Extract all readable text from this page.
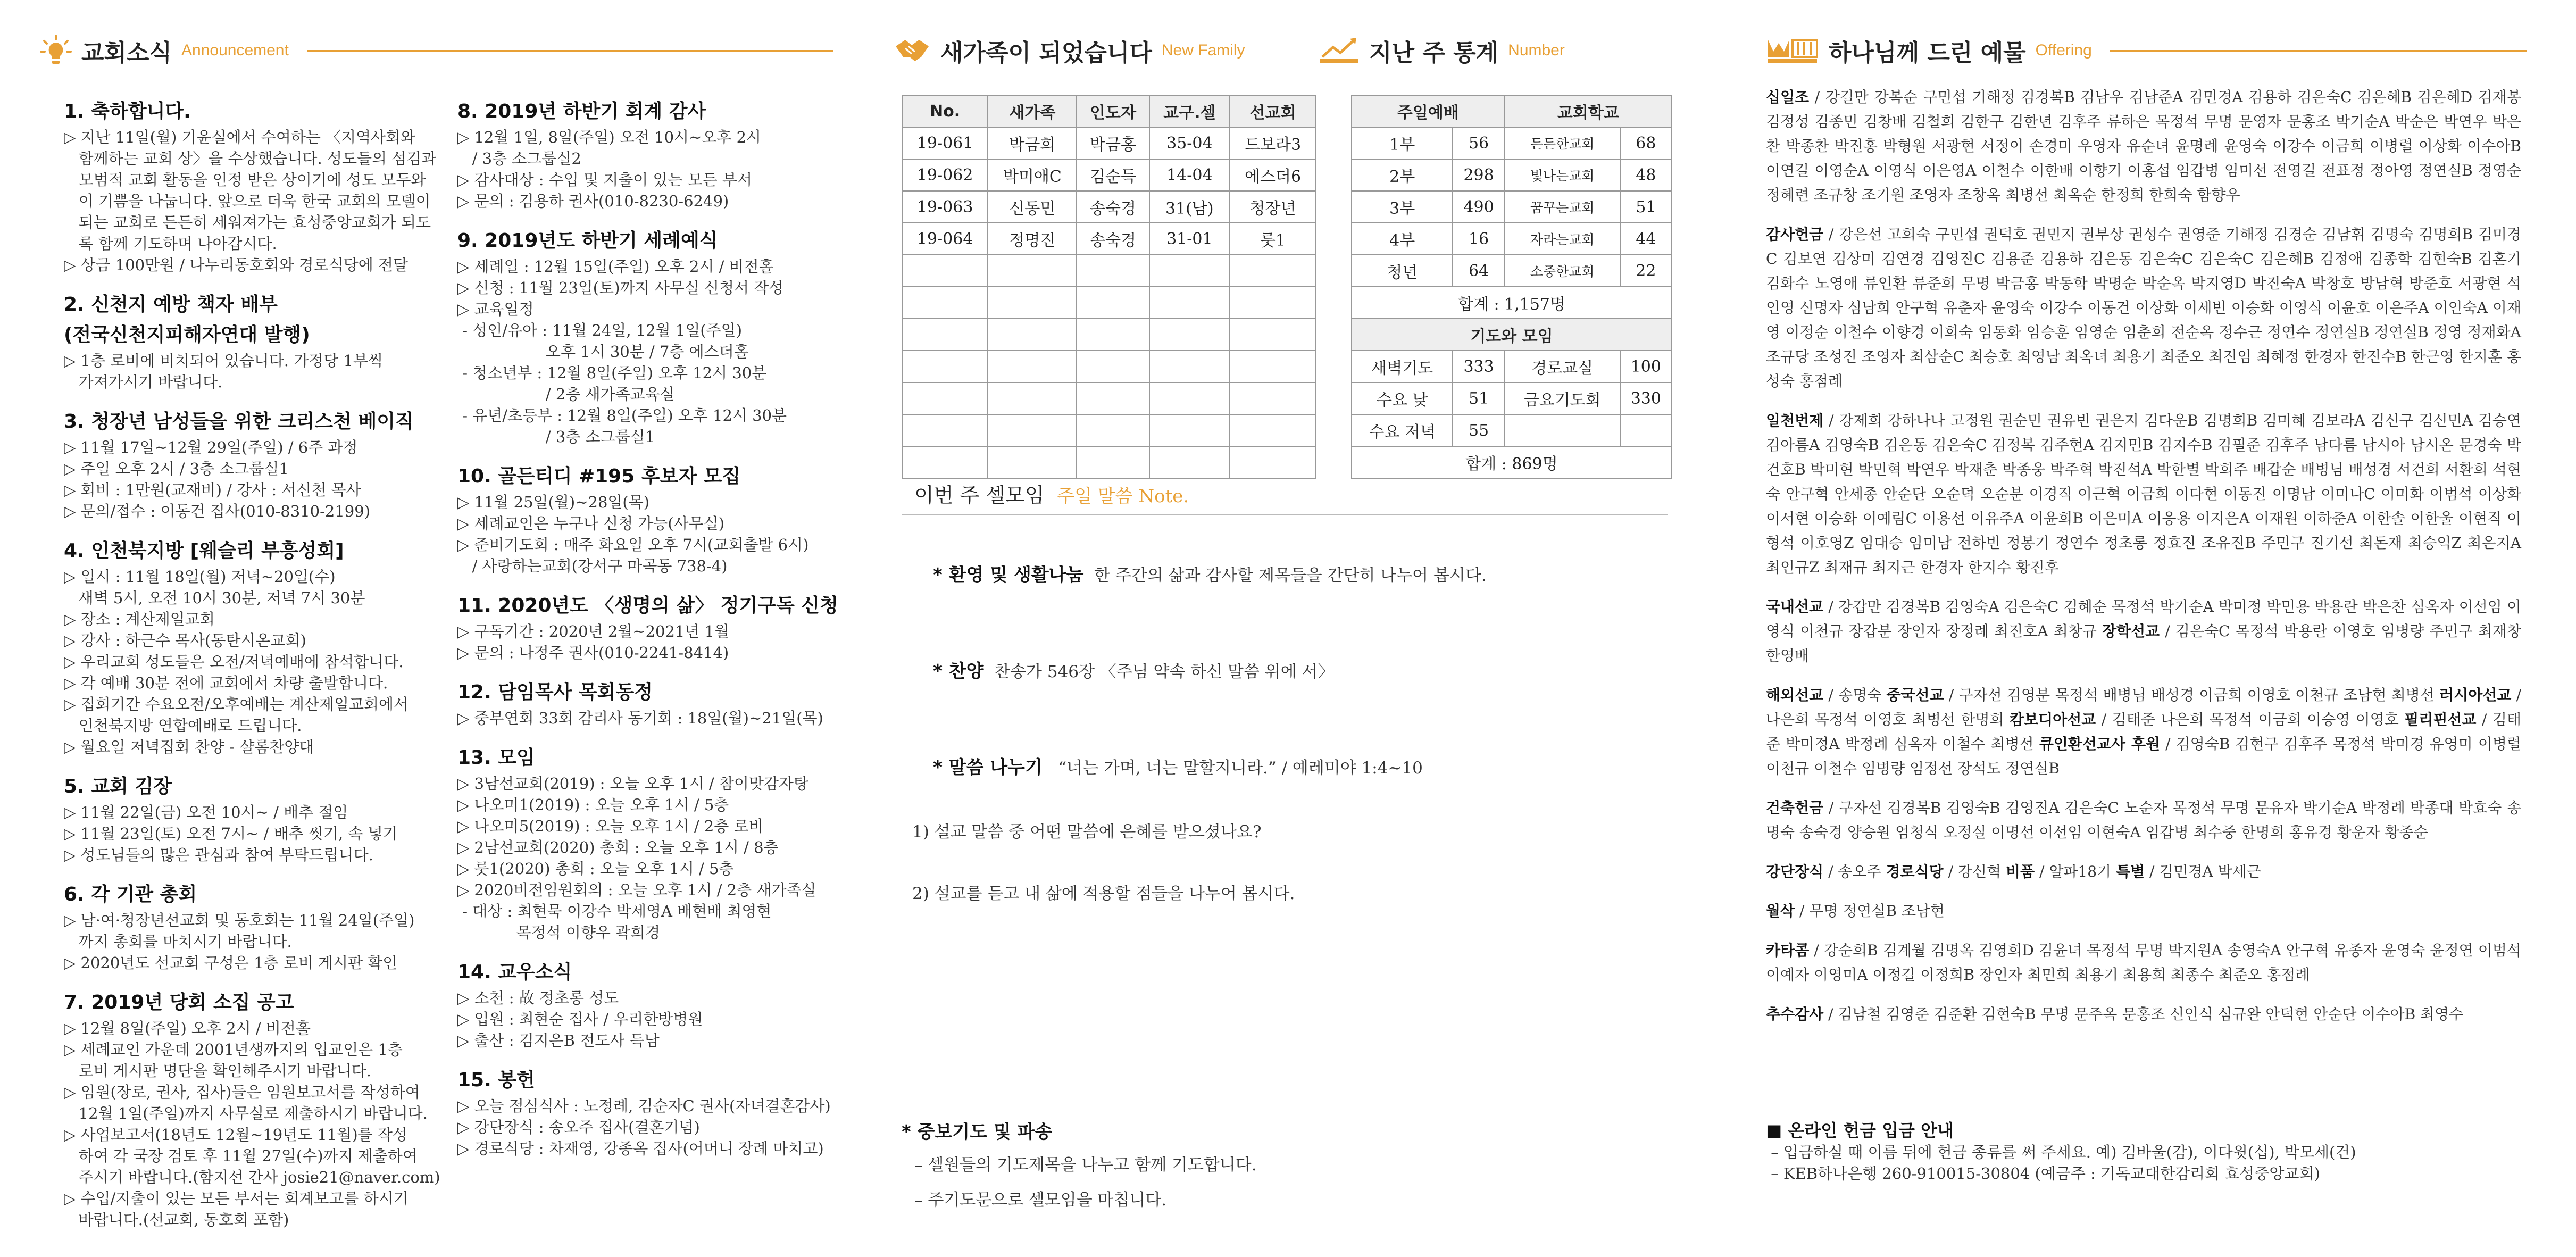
교회소식 Announcement
1. 축하합니다.
▷ 지난 11일(월) 기윤실에서 수여하는 〈지역사회와
함께하는 교회 상〉을 수상했습니다. 성도들의 섬김과
모범적 교회 활동을 인정 받은 상이기에 성도 모두와
이 기쁨을 나눕니다. 앞으로 더욱 한국 교회의 모델이
되는 교회로 든든히 세워져가는 효성중앙교회가 되도
록 함께 기도하며 나아갑시다.
▷ 상금 100만원 / 나누리동호회와 경로식당에 전달
2. 신천지 예방 책자 배부
(전국신천지피해자연대 발행)
▷ 1층 로비에 비치되어 있습니다. 가정당 1부씩
가져가시기 바랍니다.
3. 청장년 남성들을 위한 크리스천 베이직
▷ 11월 17일~12월 29일(주일) / 6주 과정
▷ 주일 오후 2시 / 3층 소그룹실1
▷ 회비 : 1만원(교재비) / 강사 : 서신천 목사
▷ 문의/접수 : 이동건 집사(010-8310-2199)
4. 인천북지방 [웨슬리 부흥성회]
▷ 일시 : 11월 18일(월) 저녁~20일(수)
새벽 5시, 오전 10시 30분, 저녁 7시 30분
▷ 장소 : 계산제일교회
▷ 강사 : 하근수 목사(동탄시온교회)
▷ 우리교회 성도들은 오전/저녁예배에 참석합니다.
▷ 각 예배 30분 전에 교회에서 차량 출발합니다.
▷ 집회기간 수요오전/오후예배는 계산제일교회에서
인천북지방 연합예배로 드립니다.
▷ 월요일 저녁집회 찬양 - 샬롬찬양대
5. 교회 김장
▷ 11월 22일(금) 오전 10시~ / 배추 절임
▷ 11월 23일(토) 오전 7시~ / 배추 씻기, 속 넣기
▷ 성도님들의 많은 관심과 참여 부탁드립니다.
6. 각 기관 총회
▷ 남·여·청장년선교회 및 동호회는 11월 24일(주일)
까지 총회를 마치시기 바랍니다.
▷ 2020년도 선교회 구성은 1층 로비 게시판 확인
7. 2019년 당회 소집 공고
▷ 12월 8일(주일) 오후 2시 / 비전홀
▷ 세례교인 가운데 2001년생까지의 입교인은 1층
로비 게시판 명단을 확인해주시기 바랍니다.
▷ 임원(장로, 권사, 집사)들은 임원보고서를 작성하여
12월 1일(주일)까지 사무실로 제출하시기 바랍니다.
▷ 사업보고서(18년도 12월~19년도 11월)를 작성
하여 각 국장 검토 후 11월 27일(수)까지 제출하여
주시기 바랍니다.(함지선 간사 josie21@naver.com)
▷ 수입/지출이 있는 모든 부서는 회계보고를 하시기
바랍니다.(선교회, 동호회 포함)
8. 2019년 하반기 회계 감사
▷ 12월 1일, 8일(주일) 오전 10시~오후 2시
/ 3층 소그룹실2
▷ 감사대상 : 수입 및 지출이 있는 모든 부서
▷ 문의 : 김용하 권사(010-8230-6249)
9. 2019년도 하반기 세례예식
▷ 세례일 : 12월 15일(주일) 오후 2시 / 비전홀
▷ 신청 : 11월 23일(토)까지 사무실 신청서 작성
▷ 교육일정
- 성인/유아 : 11월 24일, 12월 1일(주일)
오후 1시 30분 / 7층 에스더홀
- 청소년부 : 12월 8일(주일) 오후 12시 30분
/ 2층 새가족교육실
- 유년/초등부 : 12월 8일(주일) 오후 12시 30분
/ 3층 소그룹실1
10. 골든티디 #195 후보자 모집
▷ 11월 25일(월)~28일(목)
▷ 세례교인은 누구나 신청 가능(사무실)
▷ 준비기도회 : 매주 화요일 오후 7시(교회출발 6시)
/ 사랑하는교회(강서구 마곡동 738-4)
11. 2020년도 〈생명의 삶〉 정기구독 신청
▷ 구독기간 : 2020년 2월~2021년 1월
▷ 문의 : 나정주 권사(010-2241-8414)
12. 담임목사 목회동정
▷ 중부연회 33회 감리사 동기회 : 18일(월)~21일(목)
13. 모임
▷ 3남선교회(2019) : 오늘 오후 1시 / 참이맛감자탕
▷ 나오미1(2019) : 오늘 오후 1시 / 5층
▷ 나오미5(2019) : 오늘 오후 1시 / 2층 로비
▷ 2남선교회(2020) 총회 : 오늘 오후 1시 / 8층
▷ 룻1(2020) 총회 : 오늘 오후 1시 / 5층
▷ 2020비전임원회의 : 오늘 오후 1시 / 2층 새가족실
- 대상 : 최현묵 이강수 박세영A 배현배 최영현
목정석 이향우 곽희경
14. 교우소식
▷ 소천 : 故 정초롱 성도
▷ 입원 : 최현순 집사 / 우리한방병원
▷ 출산 : 김지은B 전도사 득남
15. 봉헌
▷ 오늘 점심식사 : 노정례, 김순자C 권사(자녀결혼감사)
▷ 강단장식 : 송오주 집사(결혼기념)
▷ 경로식당 : 차재영, 강종옥 집사(어머니 장례 마치고)
새가족이 되었습니다 New Family	지난 주 통계 Number
No.	새가족	인도자	교구.셀	선교회
19-061	박금희	박금홍	35-04	드보라3
19-062	박미애C	김순득	14-04	에스더6
19-063	신동민	송숙경	31(남)	청장년
19-064	정명진	송숙경	31-01	룻1

주일예배		교회학교	
1부	56	든든한교회	68
2부	298	빛나는교회	48
3부	490	꿈꾸는교회	51
4부	16	자라는교회	44
청년	64	소중한교회	22
합계 : 1,157명			
기도와 모임			
새벽기도	333	경로교실	100
수요 낮	51	금요기도회	330
수요 저녁	55		
합계 : 869명			
이번 주 셀모임 주일 말씀 Note.

* 환영 및 생활나눔  한 주간의 삶과 감사할 제목들을 간단히 나누어 봅시다.

* 찬양  찬송가 546장 〈주님 약속 하신 말씀 위에 서〉

* 말씀 나누기   “너는 가며, 너는 말할지니라.” / 예레미야 1:4~10

1) 설교 말씀 중 어떤 말씀에 은혜를 받으셨나요?
2) 설교를 듣고 내 삶에 적용할 점들을 나누어 봅시다.
* 중보기도 및 파송
– 셀원들의 기도제목을 나누고 함께 기도합니다.
– 주기도문으로 셀모임을 마칩니다.
하나님께 드린 예물 Offering
십일조 / 강길만 강복순 구민섭 기해정 김경복B 김남우 김남준A 김민경A 김용하 김은숙C 김은혜B 김은혜D 김재봉 김정성 김종민 김창배 김철희 김한구 김한년 김후주 류하은 목정석 무명 문영자 문홍조 박기순A 박순은 박연우 박은찬 박종찬 박진홍 박형원 서광현 서정이 손경미 우영자 유순녀 윤명례 윤영숙 이강수 이금희 이병렬 이상화 이수아B 이연길 이영순A 이영식 이은영A 이철수 이한배 이향기 이홍섭 임갑병 임미선 전영길 전표정 정아영 정연실B 정영순 정혜련 조규창 조기원 조영자 조창옥 최병선 최옥순 한정희 한희숙 함향우
감사헌금 / 강은선 고희숙 구민섭 권덕호 권민지 권부상 권성수 권영준 기해정 김경순 김남휘 김명숙 김명희B 김미경C 김보연 김상미 김연경 김영진C 김용준 김용하 김은동 김은숙C 김은숙C 김은혜B 김정애 김종학 김현숙B 김혼기 김화수 노영애 류인환 류준희 무명 박금홍 박동학 박명순 박순옥 박지영D 박진숙A 박창호 방남혁 방준호 서광현 석인영 신명자 심남희 안구혁 유춘자 윤영숙 이강수 이동건 이상화 이세빈 이승화 이영식 이윤호 이은주A 이인숙A 이재영 이정순 이철수 이향경 이희숙 임동화 임승훈 임영순 임춘희 전순옥 정수근 정연수 정연실B 정연실B 정영 정재화A 조규당 조성진 조영자 최삼순C 최승호 최영남 최옥녀 최용기 최준오 최진임 최혜정 한경자 한진수B 한근영 한지훈 홍성숙 홍점례
일천번제 / 강제희 강하나나 고정원 권순민 권유빈 권은지 김다운B 김명희B 김미혜 김보라A 김신구 김신민A 김승연 김아름A 김영숙B 김은동 김은숙C 김정복 김주현A 김지민B 김지수B 김필준 김후주 남다름 남시아 남시온 문경숙 박건호B 박미현 박민혁 박연우 박재춘 박종웅 박주혁 박진석A 박한별 박희주 배갑순 배병님 배성경 서건희 서환희 석현숙 안구혁 안세종 안순단 오순덕 오순분 이경직 이근혁 이금희 이다현 이동진 이명남 이미나C 이미화 이범석 이상화 이서현 이승화 이예림C 이용선 이유주A 이윤희B 이은미A 이응용 이지은A 이재원 이하준A 이한솔 이한울 이현직 이형석 이호영Z 임대승 임미남 전하빈 정봉기 정연수 정초롱 정효진 조유진B 주민구 진기선 최돈재 최승익Z 최은지A 최인규Z 최재규 최지근 한경자 한지수 황진후
국내선교 / 강갑만 김경복B 김영숙A 김은숙C 김혜순 목정석 박기순A 박미정 박민용 박용란 박은찬 심옥자 이선임 이영식 이천규 장갑분 장인자 장정례 최진호A 최창규 장학선교 / 김은숙C 목정석 박용란 이영호 임병량 주민구 최재창 한영배
해외선교 / 송명숙 중국선교 / 구자선 김영분 목정석 배병님 배성경 이금희 이영호 이천규 조남현 최병선 러시아선교 / 나은희 목정석 이영호 최병선 한명희 캄보디아선교 / 김태준 나은희 목정석 이금희 이승영 이영호 필리핀선교 / 김태준 박미정A 박정례 심옥자 이철수 최병선 큐인환선교사 후원 / 김영숙B 김현구 김후주 목정석 박미경 유영미 이병렬 이천규 이철수 임병량 임정선 장석도 정연실B
건축헌금 / 구자선 김경복B 김영숙B 김영진A 김은숙C 노순자 목정석 무명 문유자 박기순A 박정례 박종대 박효숙 송명숙 송숙경 양승원 엄청식 오정실 이명선 이선임 이현숙A 임갑병 최수중 한명희 홍유경 황운자 황종순
강단장식 / 송오주 경로식당 / 강신혁 비품 / 알파18기 특별 / 김민경A 박세근
월삭 / 무명 정연실B 조남현
카타콤 / 강순희B 김계월 김명옥 김영희D 김윤녀 목정석 무명 박지원A 송영숙A 안구혁 유종자 윤영숙 윤정연 이범석 이예자 이영미A 이정길 이정희B 장인자 최민희 최용기 최용희 최종수 최준오 홍점례
추수감사 / 김남철 김영준 김준환 김현숙B 무명 문주옥 문홍조 신인식 심규완 안덕현 안순단 이수아B 최영수
■ 온라인 헌금 입금 안내
– 입금하실 때 이름 뒤에 헌금 종류를 써 주세요. 예) 김바울(감), 이다윗(십), 박모세(건)
– KEB하나은행 260-910015-30804 (예금주 : 기독교대한감리회 효성중앙교회)
